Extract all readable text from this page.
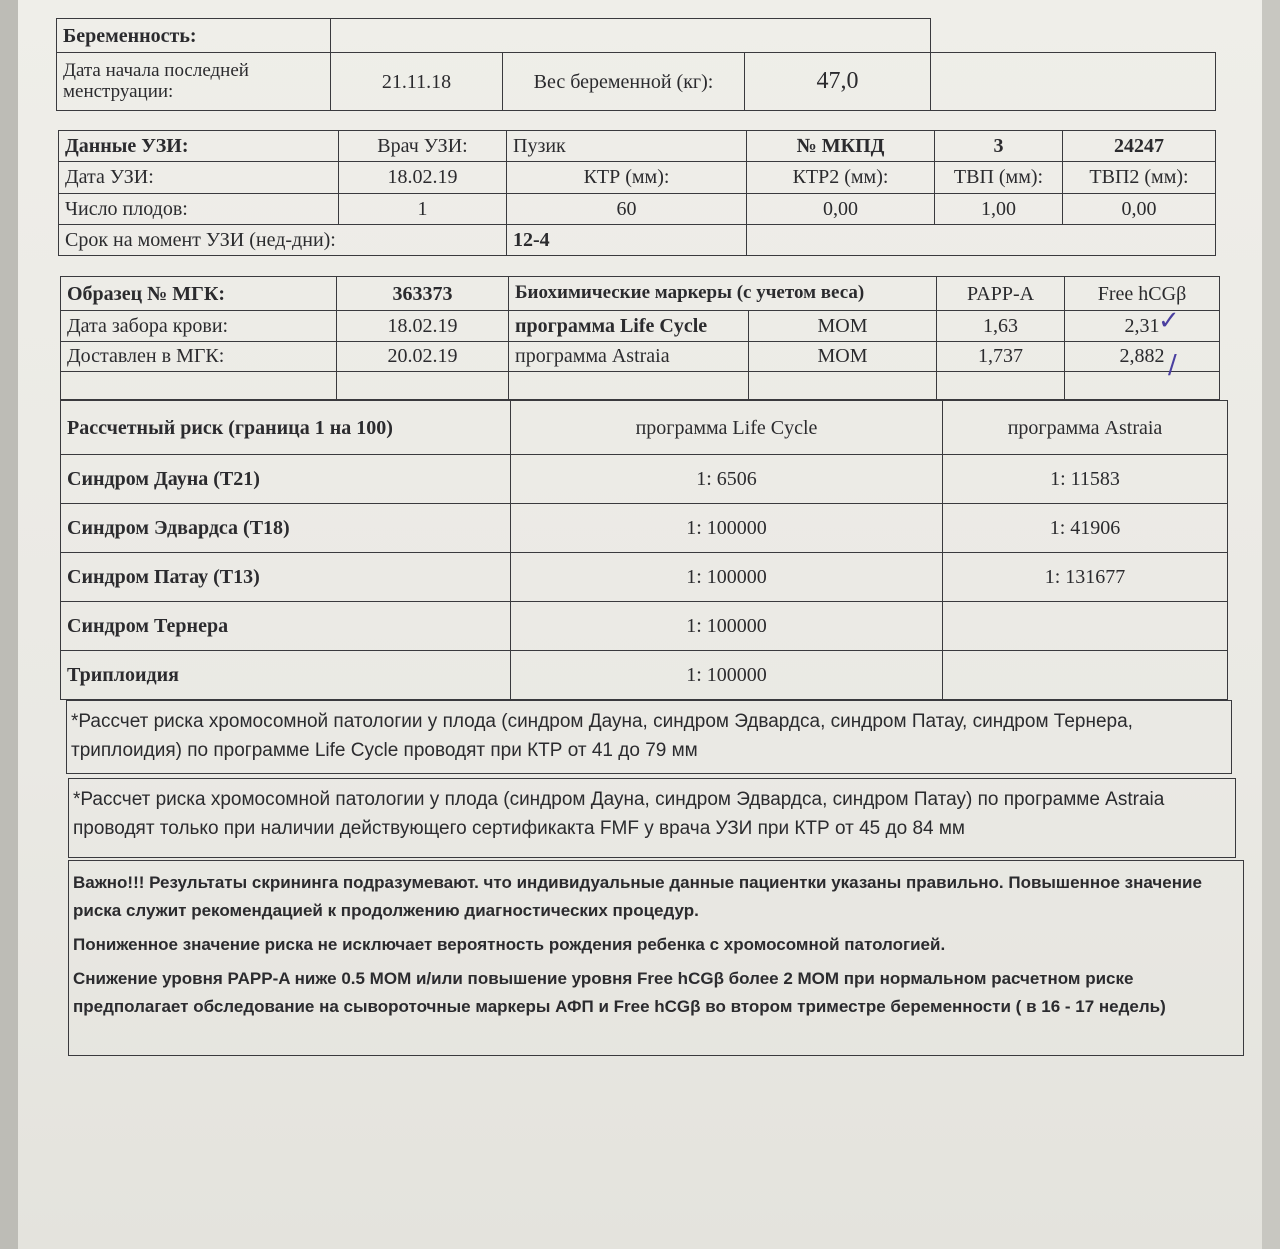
Беременность:				
Дата начала последней менструации:	21.11.18	Вес беременной (кг):	47,0	
Данные УЗИ:	Врач УЗИ:	Пузик	№ МКПД	3	24247
Дата УЗИ:	18.02.19	КТР (мм):	КТР2 (мм):	ТВП (мм):	ТВП2 (мм):
Число плодов:	1	60	0,00	1,00	0,00
Срок на момент УЗИ (нед-дни):		12-4			
Образец № МГК:	363373	Биохимические маркеры (с учетом веса)		PAPP-A	Free hCGβ
Дата забора крови:	18.02.19	программа Life Cycle	МОМ	1,63	2,31
Доставлен в МГК:	20.02.19	программа Astraia	МОМ	1,737	2,882

✓
/
Рассчетный риск (граница 1 на 100)	программа Life Cycle	программа Astraia
Синдром Дауна (Т21)	1: 6506	1: 11583
Синдром Эдвардса (Т18)	1: 100000	1: 41906
Синдром Патау (Т13)	1: 100000	1: 131677
Синдром Тернера	1: 100000	
Триплоидия	1: 100000	
*Рассчет риска хромосомной патологии у плода (синдром Дауна, синдром Эдвардса, синдром Патау, синдром Тернера, триплоидия) по программе Life Cycle проводят при КТР от 41 до 79 мм
*Рассчет риска хромосомной патологии у плода (синдром Дауна, синдром Эдвардса, синдром Патау) по программе Astraia проводят только при наличии действующего сертификакта FMF у врача УЗИ при КТР от 45 до 84 мм

Важно!!! Результаты скрининга подразумевают. что индивидуальные данные пациентки указаны правильно. Повышенное значение риска служит рекомендацией к продолжению диагностических процедур.

Пониженное значение риска не исключает вероятность рождения ребенка с хромосомной патологией.

Снижение уровня PAPP-A ниже 0.5 МОМ и/или повышение уровня Free hCGβ более 2 МОМ при нормальном расчетном риске предполагает обследование на сывороточные маркеры АФП и Free hCGβ во втором триместре беременности ( в 16 - 17 недель)
